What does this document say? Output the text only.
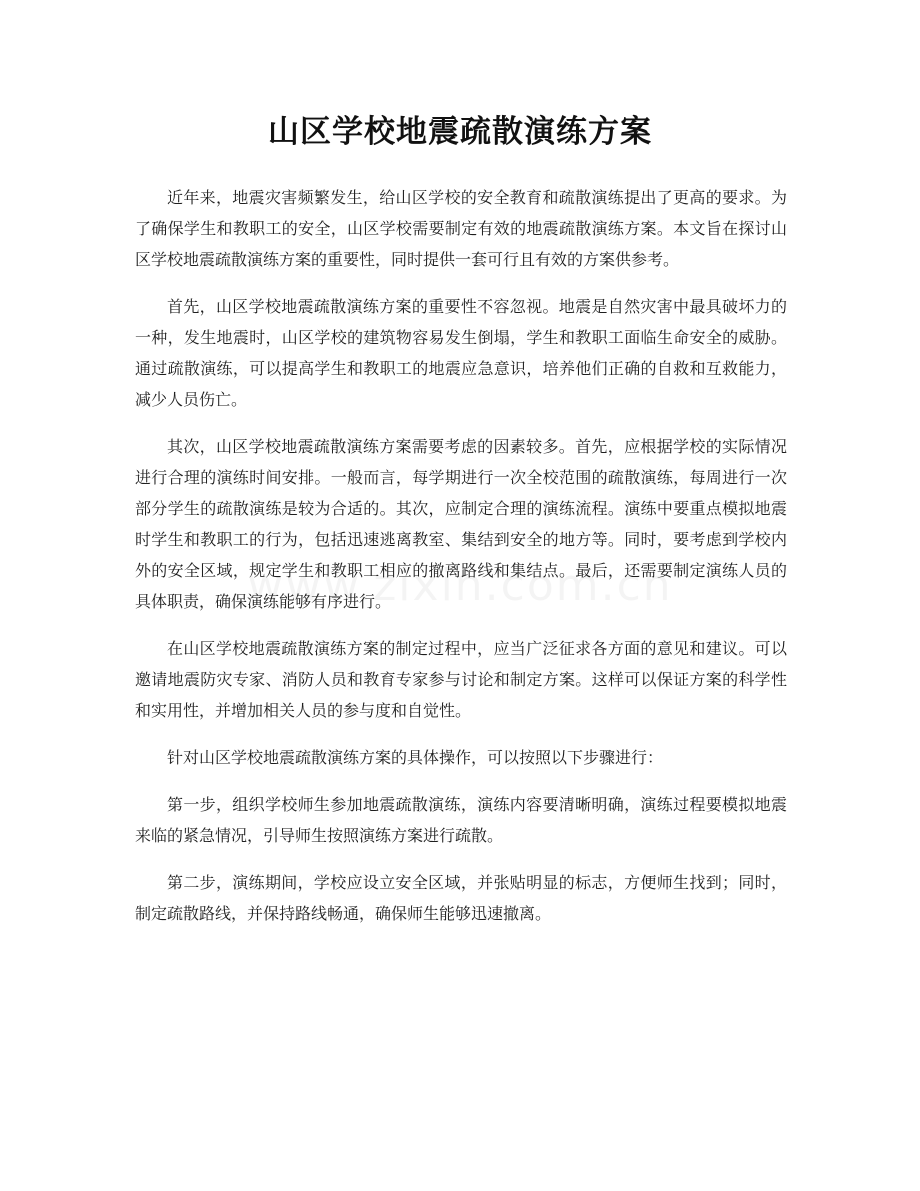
山区学校地震疏散演练方案

近年来，地震灾害频繁发生，给山区学校的安全教育和疏散演练提出了更高的要求。为了确保学生和教职工的安全，山区学校需要制定有效的地震疏散演练方案。本文旨在探讨山区学校地震疏散演练方案的重要性，同时提供一套可行且有效的方案供参考。

首先，山区学校地震疏散演练方案的重要性不容忽视。地震是自然灾害中最具破坏力的一种，发生地震时，山区学校的建筑物容易发生倒塌，学生和教职工面临生命安全的威胁。通过疏散演练，可以提高学生和教职工的地震应急意识，培养他们正确的自救和互救能力，减少人员伤亡。

其次，山区学校地震疏散演练方案需要考虑的因素较多。首先，应根据学校的实际情况进行合理的演练时间安排。一般而言，每学期进行一次全校范围的疏散演练，每周进行一次部分学生的疏散演练是较为合适的。其次，应制定合理的演练流程。演练中要重点模拟地震时学生和教职工的行为，包括迅速逃离教室、集结到安全的地方等。同时，要考虑到学校内外的安全区域，规定学生和教职工相应的撤离路线和集结点。最后，还需要制定演练人员的具体职责，确保演练能够有序进行。

在山区学校地震疏散演练方案的制定过程中，应当广泛征求各方面的意见和建议。可以邀请地震防灾专家、消防人员和教育专家参与讨论和制定方案。这样可以保证方案的科学性和实用性，并增加相关人员的参与度和自觉性。

针对山区学校地震疏散演练方案的具体操作，可以按照以下步骤进行：

第一步，组织学校师生参加地震疏散演练，演练内容要清晰明确，演练过程要模拟地震来临的紧急情况，引导师生按照演练方案进行疏散。

第二步，演练期间，学校应设立安全区域，并张贴明显的标志，方便师生找到；同时，制定疏散路线，并保持路线畅通，确保师生能够迅速撤离。
